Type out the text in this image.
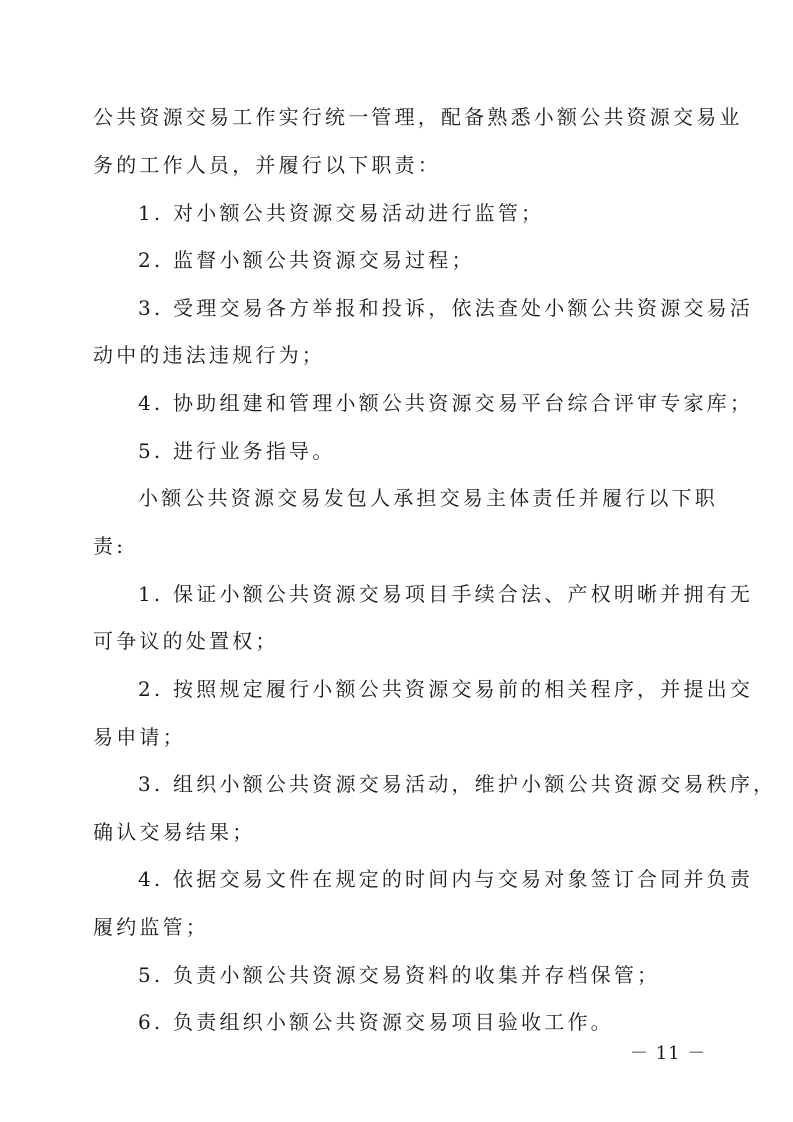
公共资源交易工作实行统一管理，配备熟悉小额公共资源交易业
务的工作人员，并履行以下职责：
1. 对小额公共资源交易活动进行监管；
2. 监督小额公共资源交易过程；
3. 受理交易各方举报和投诉，依法查处小额公共资源交易活
动中的违法违规行为；
4. 协助组建和管理小额公共资源交易平台综合评审专家库；
5. 进行业务指导。
小额公共资源交易发包人承担交易主体责任并履行以下职
责:
1. 保证小额公共资源交易项目手续合法、产权明晰并拥有无
可争议的处置权；
2. 按照规定履行小额公共资源交易前的相关程序，并提出交
易申请；
3. 组织小额公共资源交易活动，维护小额公共资源交易秩序，
确认交易结果；
4. 依据交易文件在规定的时间内与交易对象签订合同并负责
履约监管；
5. 负责小额公共资源交易资料的收集并存档保管；
6. 负责组织小额公共资源交易项目验收工作。
－ 11 －
